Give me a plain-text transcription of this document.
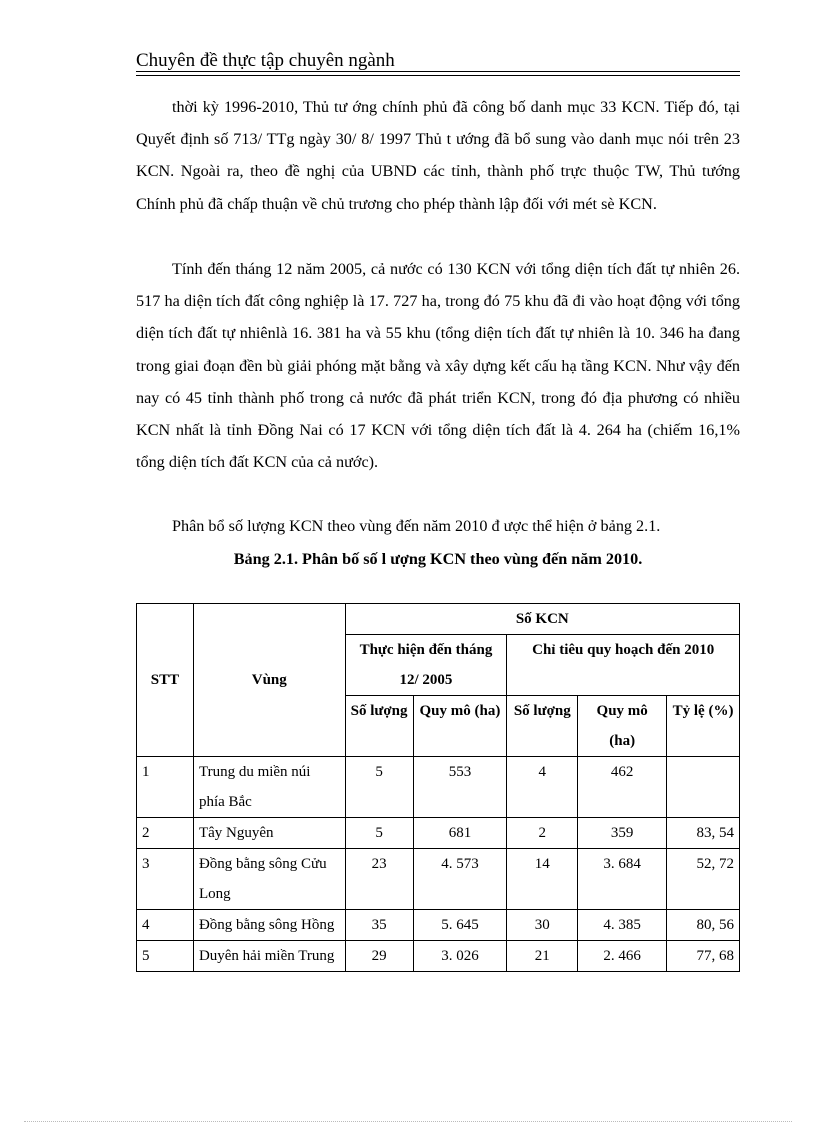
Chuyên đề thực tập chuyên ngành

thời kỳ 1996-2010, Thủ tư ớng chính phủ đã công bố danh mục 33 KCN. Tiếp đó, tại Quyết định số 713/ TTg ngày 30/ 8/ 1997 Thủ t ướng đã bổ sung vào danh mục nói trên 23 KCN. Ngoài ra, theo đề nghị của UBND các tỉnh, thành phố trực thuộc TW, Thủ tướng Chính phủ đã chấp thuận về chủ trương cho phép thành lập đối với mét sè KCN.

Tính đến tháng 12 năm 2005, cả nước có 130 KCN với tổng diện tích đất tự nhiên 26. 517 ha diện tích đất công nghiệp là 17. 727 ha, trong đó 75 khu đã đi vào hoạt động với tổng diện tích đất tự nhiênlà 16. 381 ha và 55 khu (tổng diện tích đất tự nhiên là 10. 346 ha đang trong giai đoạn đền bù giải phóng mặt bằng và xây dựng kết cấu hạ tầng KCN. Như vậy đến nay có 45 tỉnh thành phố trong cả nước đã phát triển KCN, trong đó địa phương có nhiều KCN nhất là tỉnh Đồng Nai có 17 KCN với tổng diện tích đất là 4. 264 ha (chiếm 16,1% tổng diện tích đất KCN của cả nước).

Phân bổ số lượng KCN theo vùng đến năm 2010 đ ược thể hiện ở bảng 2.1.

Bảng 2.1. Phân bố số l ượng KCN theo vùng đến năm 2010.
STT	Vùng	Số KCN				
		Thực hiện đến tháng 12/ 2005		Chỉ tiêu quy hoạch đến 2010		
		Số lượng	Quy mô (ha)	Số lượng	Quy mô (ha)	Tỷ lệ (%)
1	Trung du miền núi phía Bắc	5	553	4	462	
2	Tây Nguyên	5	681	2	359	83, 54
3	Đồng bằng sông Cửu Long	23	4. 573	14	3. 684	52, 72
4	Đồng bằng sông Hồng	35	5. 645	30	4. 385	80, 56
5	Duyên hải miền Trung	29	3. 026	21	2. 466	77, 68
